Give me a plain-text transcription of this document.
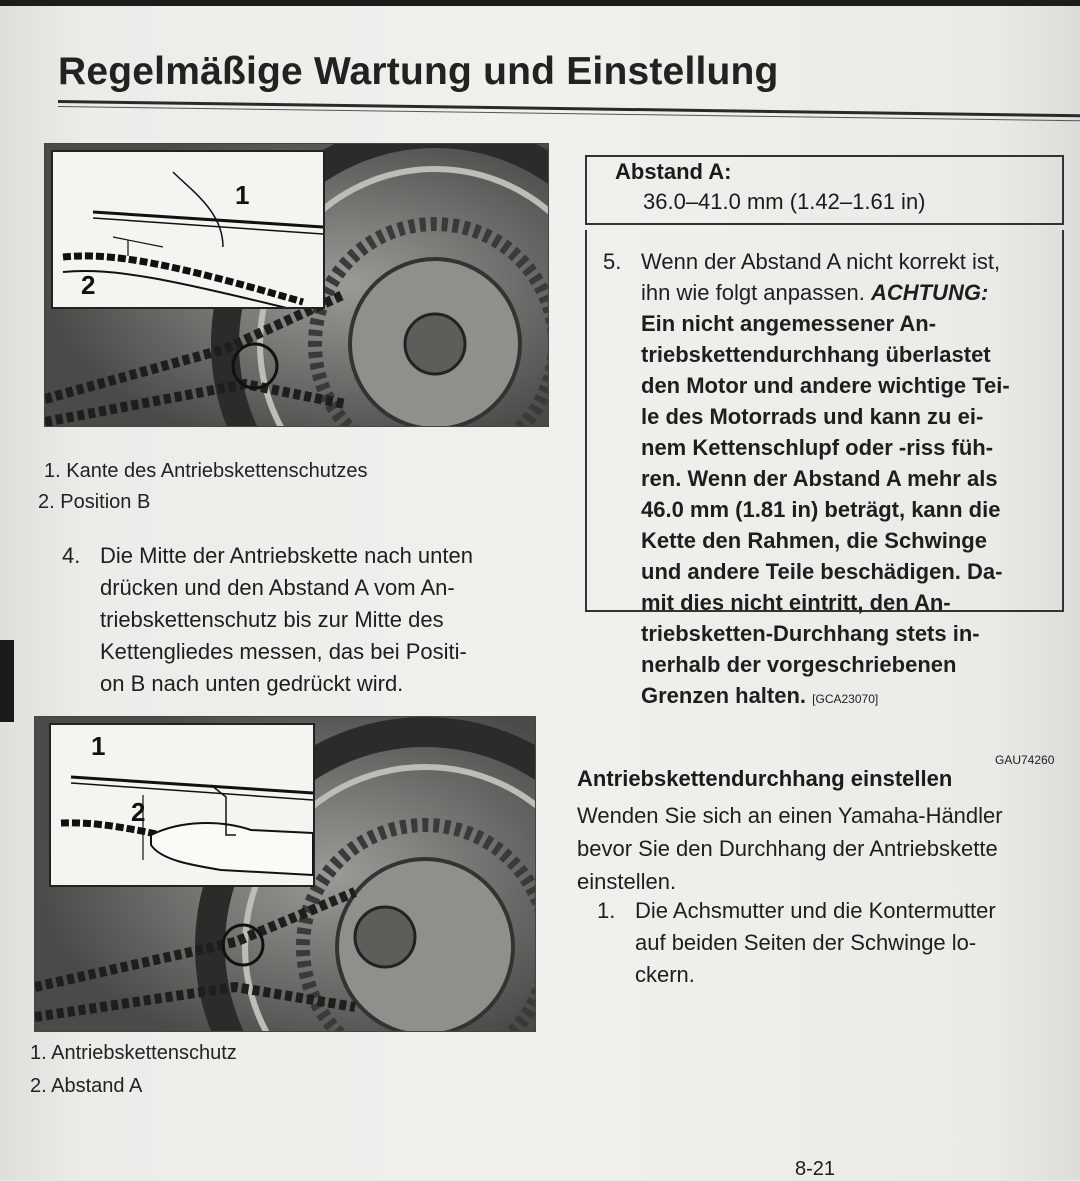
Regelmäßige Wartung und Einstellung
1
2
1. Kante des Antriebskettenschutzes
2. Position B
4. Die Mitte der Antriebskette nach unten
drücken und den Abstand A vom An-
triebskettenschutz bis zur Mitte des
Kettengliedes messen, das bei Positi-
on B nach unten gedrückt wird.
1
2
1. Antriebskettenschutz
2. Abstand A
Abstand A:
36.0–41.0 mm (1.42–1.61 in)
5. Wenn der Abstand A nicht korrekt ist,
ihn wie folgt anpassen. ACHTUNG:
Ein nicht angemessener An-
triebskettendurchhang überlastet
den Motor und andere wichtige Tei-
le des Motorrads und kann zu ei-
nem Kettenschlupf oder -riss füh-
ren. Wenn der Abstand A mehr als
46.0 mm (1.81 in) beträgt, kann die
Kette den Rahmen, die Schwinge
und andere Teile beschädigen. Da-
mit dies nicht eintritt, den An-
triebsketten-Durchhang stets in-
nerhalb der vorgeschriebenen
Grenzen halten. [GCA23070]
GAU74260
Antriebskettendurchhang einstellen
Wenden Sie sich an einen Yamaha-Händler
bevor Sie den Durchhang der Antriebskette
einstellen.
1. Die Achsmutter und die Kontermutter
auf beiden Seiten der Schwinge lo-
ckern.
8-21
